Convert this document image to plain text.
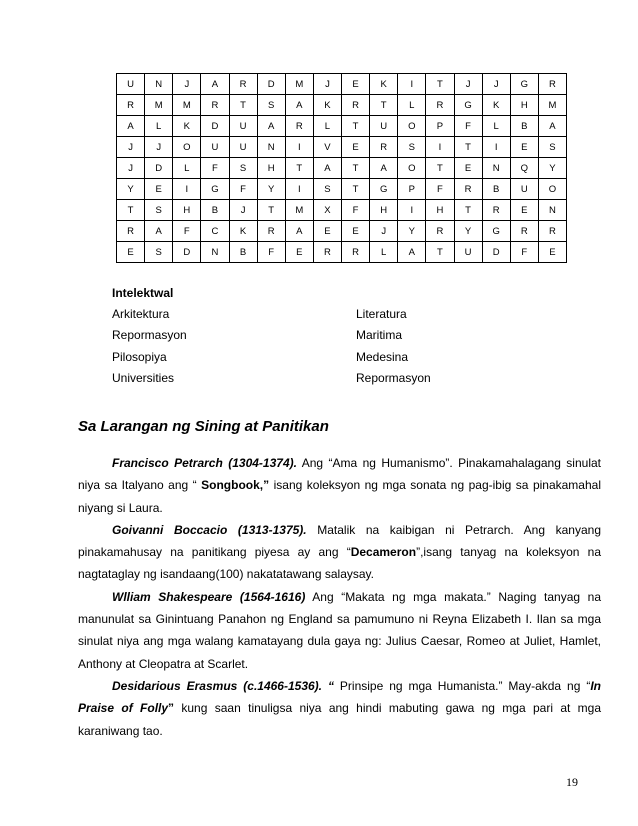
U	N	J	A	R	D	M	J	E	K	I	T	J	J	G	R
R	M	M	R	T	S	A	K	R	T	L	R	G	K	H	M
A	L	K	D	U	A	R	L	T	U	O	P	F	L	B	A
J	J	O	U	U	N	I	V	E	R	S	I	T	I	E	S
J	D	L	F	S	H	T	A	T	A	O	T	E	N	Q	Y
Y	E	I	G	F	Y	I	S	T	G	P	F	R	B	U	O
T	S	H	B	J	T	M	X	F	H	I	H	T	R	E	N
R	A	F	C	K	R	A	E	E	J	Y	R	Y	G	R	R
E	S	D	N	B	F	E	R	R	L	A	T	U	D	F	E
Intelektwal
Arkitektura	Literatura
Repormasyon	Maritima
Pilosopiya	Medesina
Universities	Repormasyon
Sa Larangan ng Sining at Panitikan

Francisco Petrarch (1304-1374). Ang “Ama ng Humanismo”. Pinakamahalagang sinulat niya sa Italyano ang “ Songbook,” isang koleksyon ng mga sonata ng pag-ibig sa pinakamahal niyang si Laura.

Goivanni Boccacio (1313-1375). Matalik na kaibigan ni Petrarch. Ang kanyang pinakamahusay na panitikang piyesa ay ang “Decameron”,isang tanyag na koleksyon na nagtataglay ng isandaang(100) nakatatawang salaysay.

Wlliam Shakespeare (1564-1616) Ang “Makata ng mga makata.” Naging tanyag na manunulat sa Ginintuang Panahon ng England sa pamumuno ni Reyna Elizabeth I. Ilan sa mga sinulat niya ang mga walang kamatayang dula gaya ng: Julius Caesar, Romeo at Juliet, Hamlet, Anthony at Cleopatra at Scarlet.

Desidarious Erasmus (c.1466-1536). “ Prinsipe ng mga Humanista.” May-akda ng “In Praise of Folly” kung saan tinuligsa niya ang hindi mabuting gawa ng mga pari at mga karaniwang tao.

19
